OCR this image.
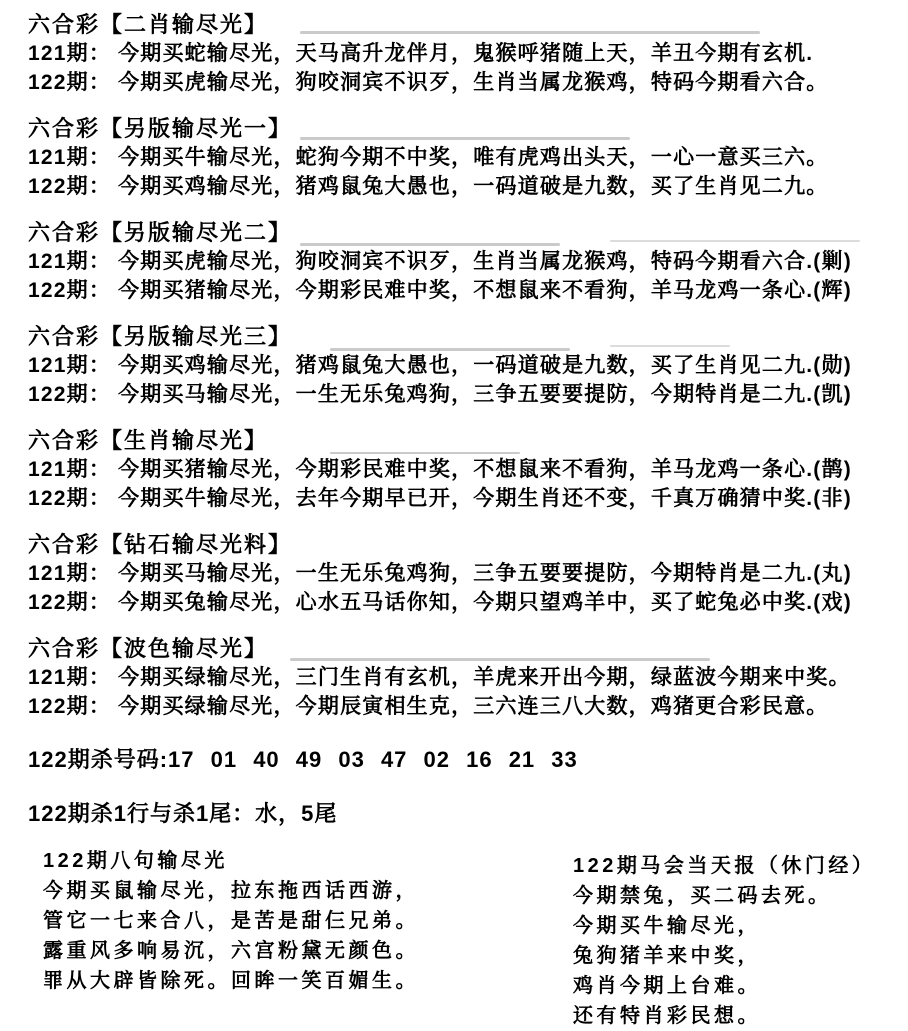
六合彩【二肖输尽光】
121期： 今期买蛇输尽光，天马高升龙伴月，鬼猴呼猪随上天，羊丑今期有玄机.
122期： 今期买虎输尽光，狗咬洞宾不识歹，生肖当属龙猴鸡，特码今期看六合。
六合彩【另版输尽光一】
121期： 今期买牛输尽光，蛇狗今期不中奖，唯有虎鸡出头天，一心一意买三六。
122期： 今期买鸡输尽光，猪鸡鼠兔大愚也，一码道破是九数，买了生肖见二九。
六合彩【另版输尽光二】
121期： 今期买虎输尽光，狗咬洞宾不识歹，生肖当属龙猴鸡，特码今期看六合.(剿)
122期： 今期买猪输尽光，今期彩民难中奖，不想鼠来不看狗，羊马龙鸡一条心.(辉)
六合彩【另版输尽光三】
121期： 今期买鸡输尽光，猪鸡鼠兔大愚也，一码道破是九数，买了生肖见二九.(勋)
122期： 今期买马输尽光，一生无乐兔鸡狗，三争五要要提防，今期特肖是二九.(凯)
六合彩【生肖输尽光】
121期： 今期买猪输尽光，今期彩民难中奖，不想鼠来不看狗，羊马龙鸡一条心.(鹊)
122期： 今期买牛输尽光，去年今期早已开，今期生肖还不变，千真万确猜中奖.(非)
六合彩【钻石输尽光料】
121期： 今期买马输尽光，一生无乐兔鸡狗，三争五要要提防，今期特肖是二九.(丸)
122期： 今期买兔输尽光，心水五马话你知，今期只望鸡羊中，买了蛇兔必中奖.(戏)
六合彩【波色输尽光】
121期： 今期买绿输尽光，三门生肖有玄机，羊虎来开出今期，绿蓝波今期来中奖。
122期： 今期买绿输尽光，今期辰寅相生克，三六连三八大数，鸡猪更合彩民意。
122期杀号码:17 01 40 49 03 47 02 16 21 33
122期杀1行与杀1尾：水，5尾
122期八句输尽光
今期买鼠输尽光，拉东拖西话西游，
管它一七来合八，是苦是甜仨兄弟。
露重风多响易沉，六宫粉黛无颜色。
罪从大辟皆除死。回眸一笑百媚生。
122期马会当天报（休门经）
今期禁兔，买二码去死。
今期买牛输尽光，
兔狗猪羊来中奖，
鸡肖今期上台难。
还有特肖彩民想。
